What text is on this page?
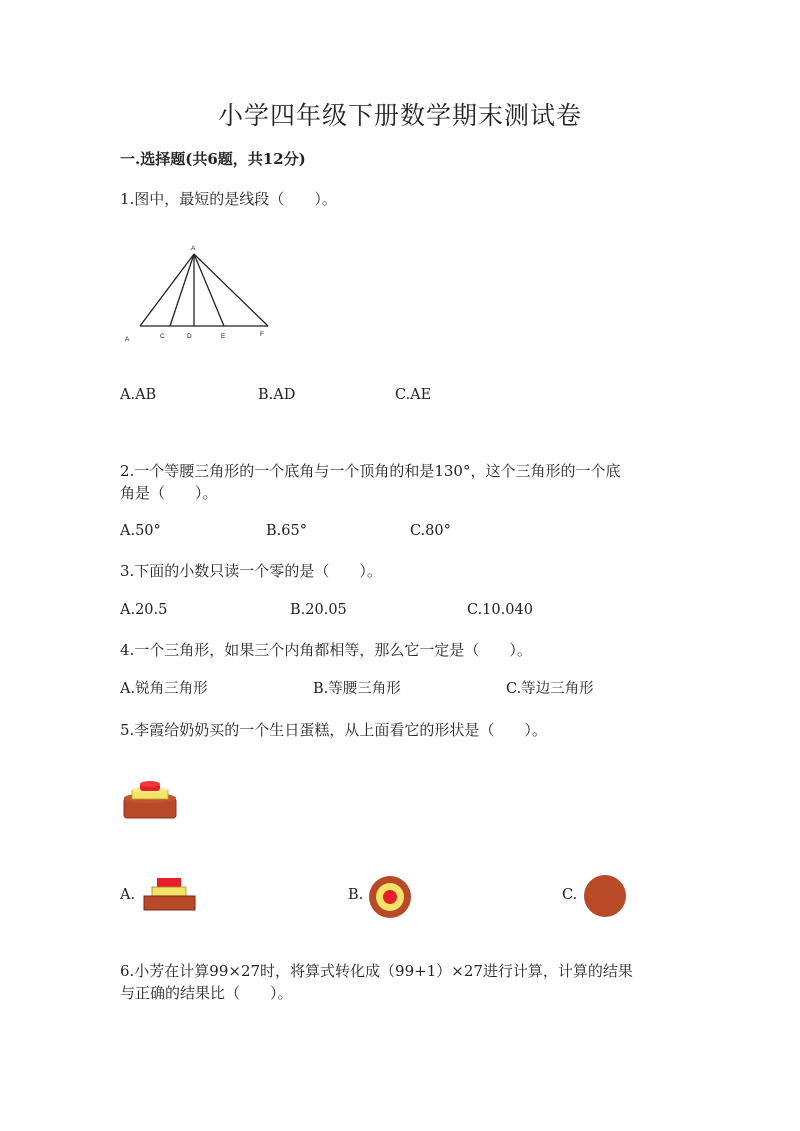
小学四年级下册数学期末测试卷
一.选择题(共6题，共12分)
1.图中，最短的是线段（　　）。
A
A	C	D	E	F
A.AB	B.AD	C.AE
2.一个等腰三角形的一个底角与一个顶角的和是130°，这个三角形的一个底
角是（　　）。
A.50°	B.65°	C.80°
3.下面的小数只读一个零的是（　　）。
A.20.5	B.20.05	C.10.040
4.一个三角形，如果三个内角都相等，那么它一定是（　　）。
A.锐角三角形	B.等腰三角形	C.等边三角形
5.李霞给奶奶买的一个生日蛋糕，从上面看它的形状是（　　）。
A.	B.	C.
6.小芳在计算99×27时，将算式转化成（99+1）×27进行计算，计算的结果
与正确的结果比（　　）。
